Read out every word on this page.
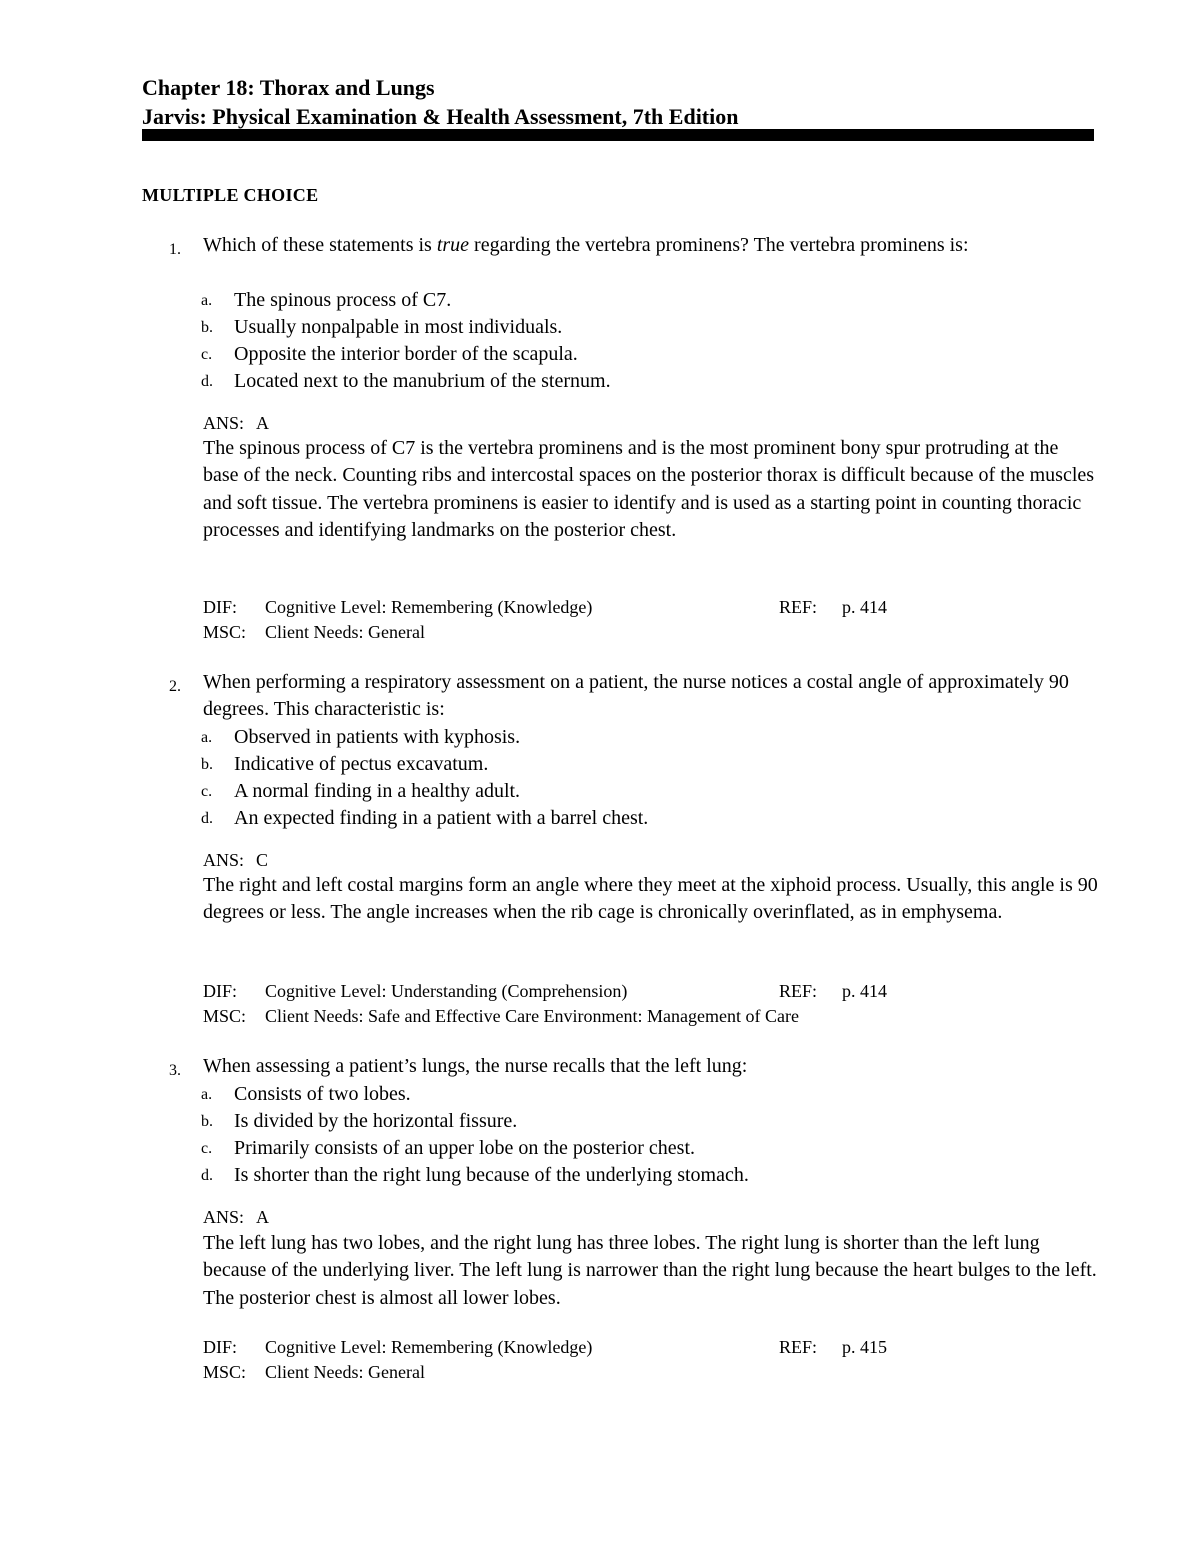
Chapter 18: Thorax and Lungs
Jarvis: Physical Examination & Health Assessment, 7th Edition
MULTIPLE CHOICE
1. Which of these statements is true regarding the vertebra prominens? The vertebra prominens is:
a. The spinous process of C7.
b. Usually nonpalpable in most individuals.
c. Opposite the interior border of the scapula.
d. Located next to the manubrium of the sternum.
ANS: A
The spinous process of C7 is the vertebra prominens and is the most prominent bony spur protruding at the base of the neck. Counting ribs and intercostal spaces on the posterior thorax is difficult because of the muscles and soft tissue. The vertebra prominens is easier to identify and is used as a starting point in counting thoracic processes and identifying landmarks on the posterior chest.
DIF: Cognitive Level: Remembering (Knowledge)	REF: p. 414
MSC: Client Needs: General
2. When performing a respiratory assessment on a patient, the nurse notices a costal angle of approximately 90 degrees. This characteristic is:
a. Observed in patients with kyphosis.
b. Indicative of pectus excavatum.
c. A normal finding in a healthy adult.
d. An expected finding in a patient with a barrel chest.
ANS: C
The right and left costal margins form an angle where they meet at the xiphoid process. Usually, this angle is 90 degrees or less. The angle increases when the rib cage is chronically overinflated, as in emphysema.
DIF: Cognitive Level: Understanding (Comprehension)	REF: p. 414
MSC: Client Needs: Safe and Effective Care Environment: Management of Care
3. When assessing a patient’s lungs, the nurse recalls that the left lung:
a. Consists of two lobes.
b. Is divided by the horizontal fissure.
c. Primarily consists of an upper lobe on the posterior chest.
d. Is shorter than the right lung because of the underlying stomach.
ANS: A
The left lung has two lobes, and the right lung has three lobes. The right lung is shorter than the left lung because of the underlying liver. The left lung is narrower than the right lung because the heart bulges to the left. The posterior chest is almost all lower lobes.
DIF: Cognitive Level: Remembering (Knowledge)	REF: p. 415
MSC: Client Needs: General
